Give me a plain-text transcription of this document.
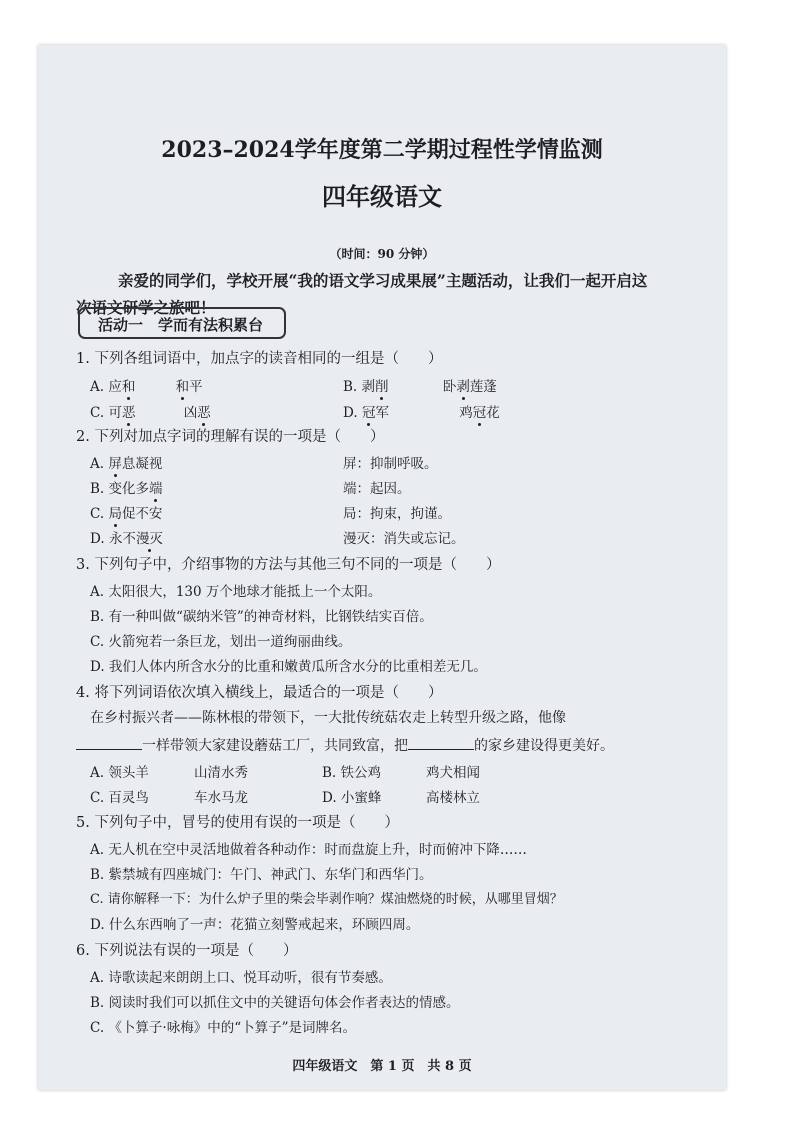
2023–2024学年度第二学期过程性学情监测
四年级语文
（时间：90 分钟）
亲爱的同学们，学校开展“我的语文学习成果展”主题活动，让我们一起开启这
次语文研学之旅吧！
活动一　学而有法积累台
1. 下列各组词语中，加点字的读音相同的一组是（　　）
A. 应和	和平	B. 剥削	卧剥莲蓬
C. 可恶	凶恶	D. 冠军	鸡冠花
2. 下列对加点字词的理解有误的一项是（　　）
A. 屏息凝视	屏：抑制呼吸。
B. 变化多端	端：起因。
C. 局促不安	局：拘束，拘谨。
D. 永不漫灭	漫灭：消失或忘记。
3. 下列句子中，介绍事物的方法与其他三句不同的一项是（　　）
A. 太阳很大，130 万个地球才能抵上一个太阳。
B. 有一种叫做“碳纳米管”的神奇材料，比钢铁结实百倍。
C. 火箭宛若一条巨龙，划出一道绚丽曲线。
D. 我们人体内所含水分的比重和嫩黄瓜所含水分的比重相差无几。
4. 将下列词语依次填入横线上，最适合的一项是（　　）
在乡村振兴者——陈林根的带领下，一大批传统菇农走上转型升级之路，他像
一样带领大家建设蘑菇工厂，共同致富，把	的家乡建设得更美好。
A. 领头羊	山清水秀	B. 铁公鸡	鸡犬相闻
C. 百灵鸟	车水马龙	D. 小蜜蜂	高楼林立
5. 下列句子中，冒号的使用有误的一项是（　　）
A. 无人机在空中灵活地做着各种动作：时而盘旋上升，时而俯冲下降……
B. 紫禁城有四座城门：午门、神武门、东华门和西华门。
C. 请你解释一下：为什么炉子里的柴会毕剥作响？煤油燃烧的时候，从哪里冒烟？
D. 什么东西响了一声：花猫立刻警戒起来，环顾四周。
6. 下列说法有误的一项是（　　）
A. 诗歌读起来朗朗上口、悦耳动听，很有节奏感。
B. 阅读时我们可以抓住文中的关键语句体会作者表达的情感。
C. 《卜算子·咏梅》中的“卜算子”是词牌名。
四年级语文　第 1 页　共 8 页
